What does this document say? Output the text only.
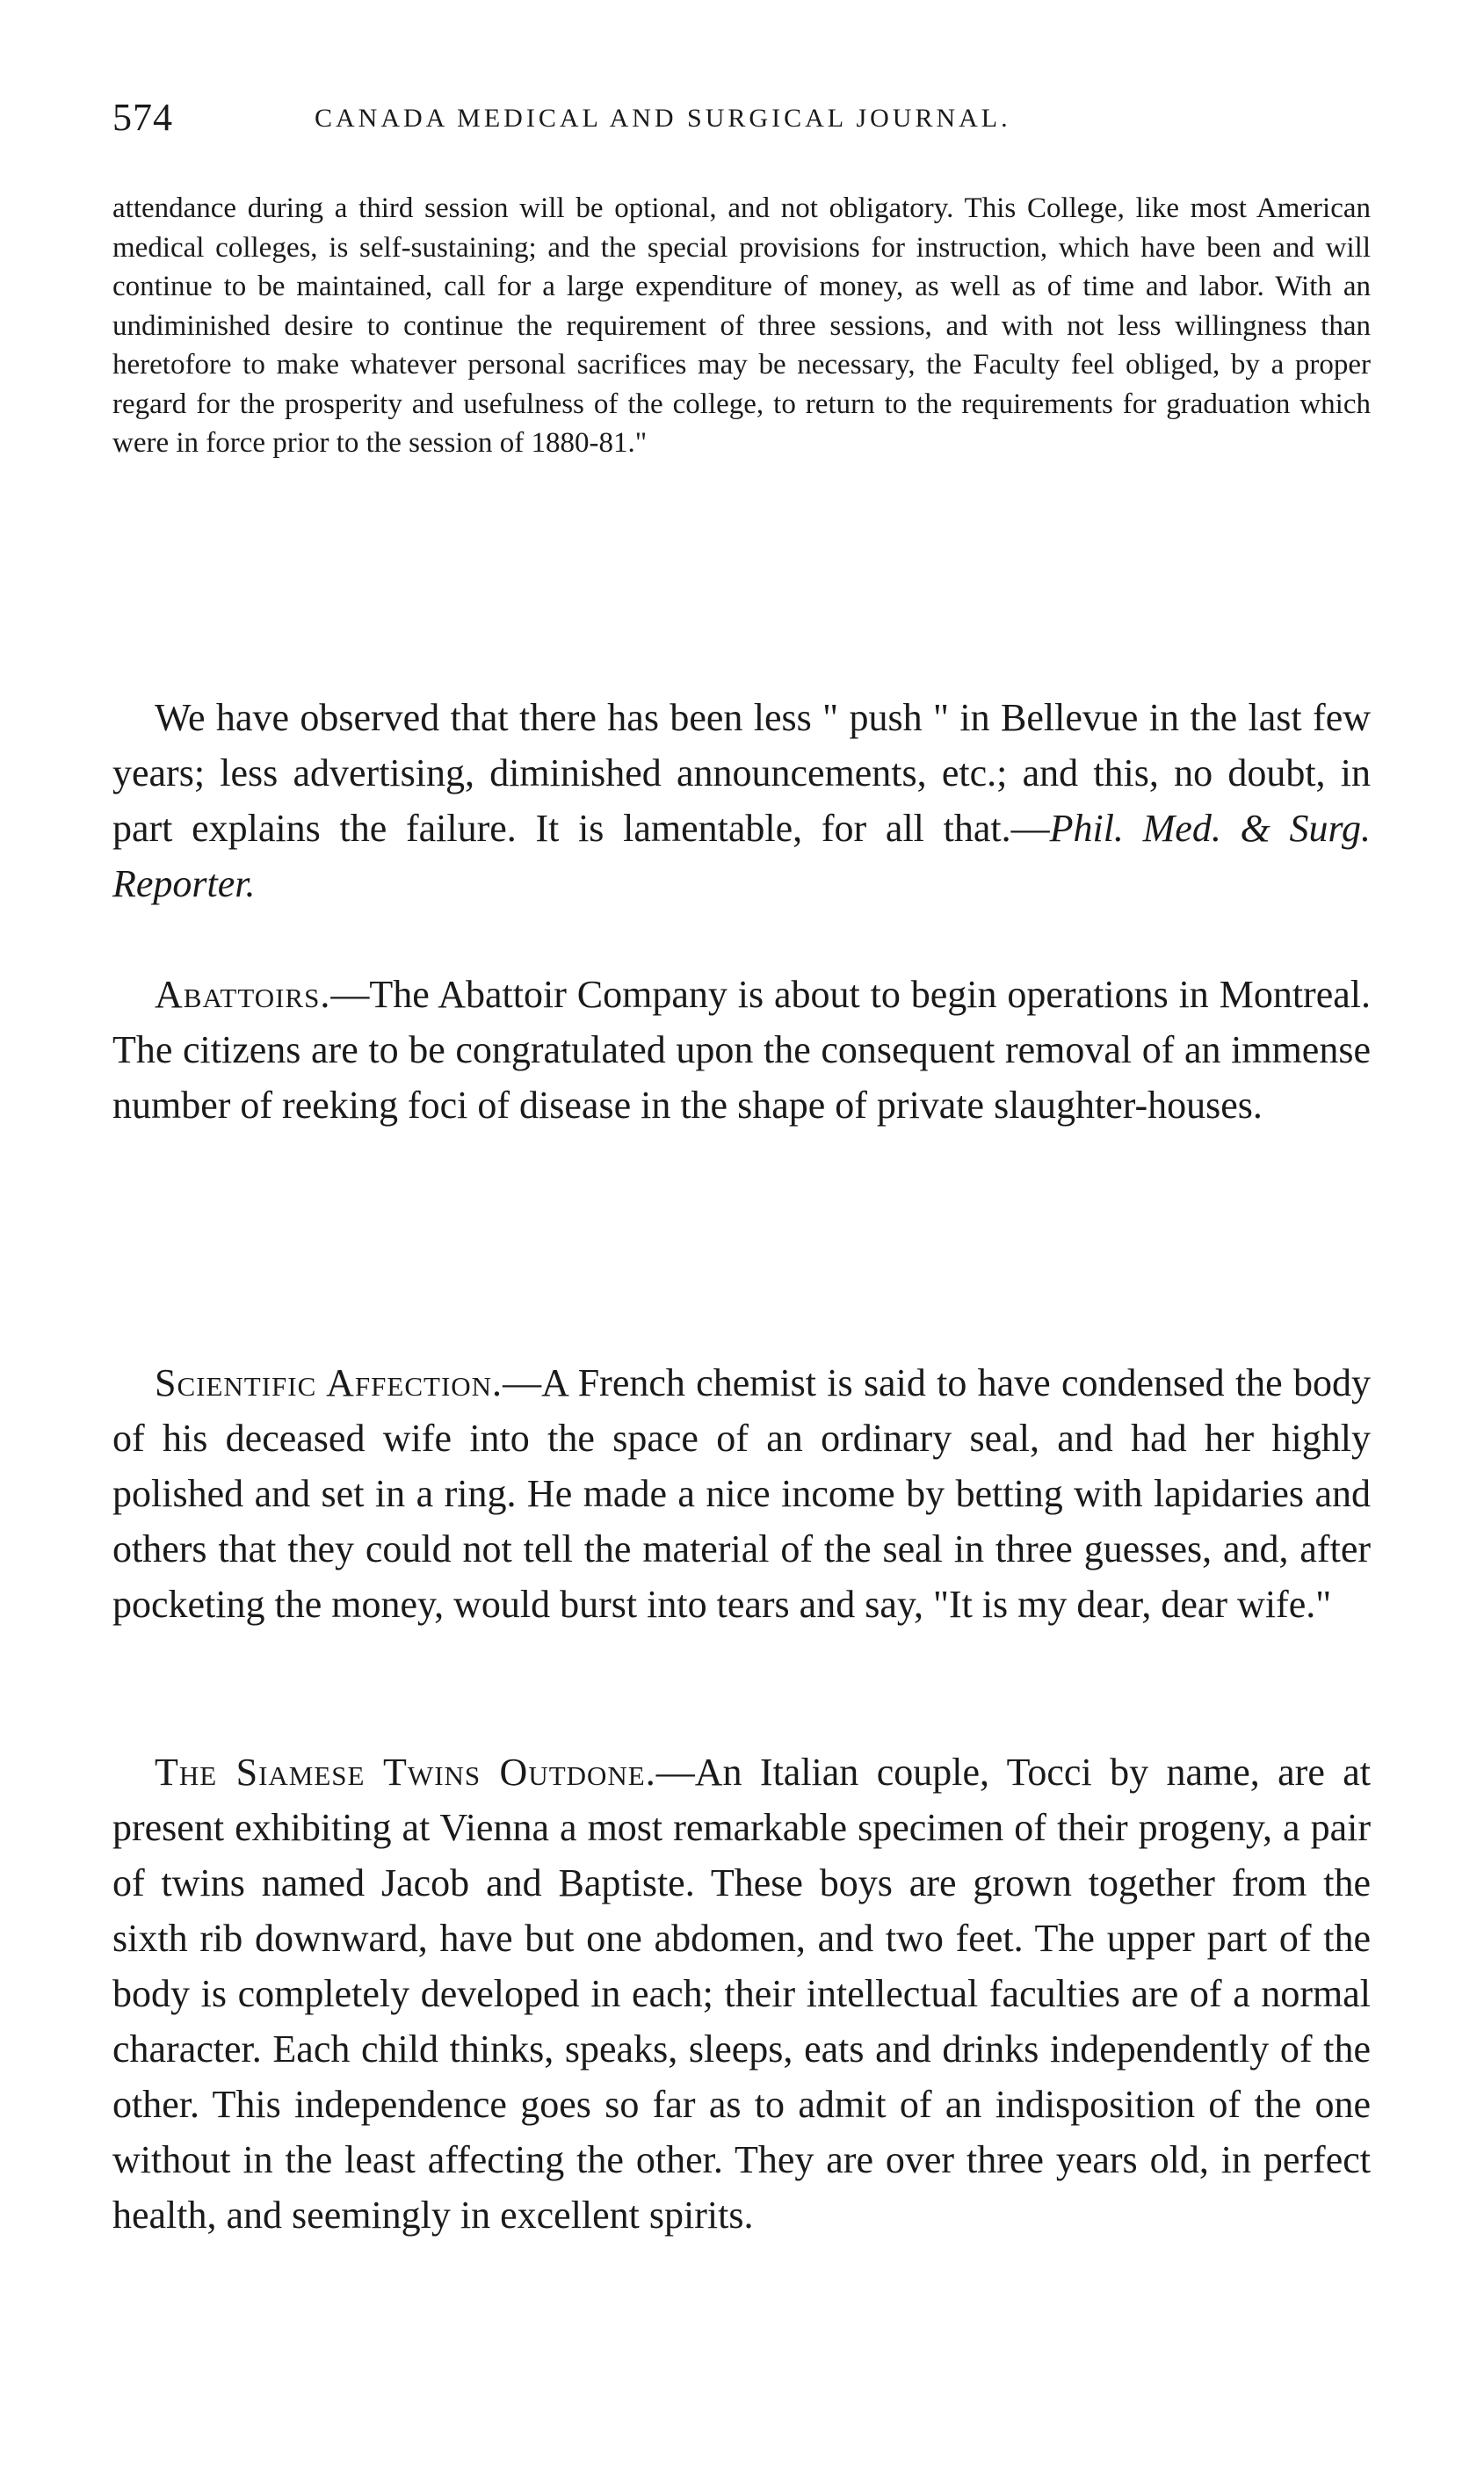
574	CANADA MEDICAL AND SURGICAL JOURNAL.
attendance during a third session will be optional, and not obligatory. This College, like most American medical colleges, is self-sustaining; and the special provisions for instruction, which have been and will continue to be maintained, call for a large expenditure of money, as well as of time and labor. With an undiminished desire to continue the requirement of three sessions, and with not less willingness than heretofore to make whatever personal sacrifices may be necessary, the Faculty feel obliged, by a proper regard for the prosperity and usefulness of the college, to return to the requirements for graduation which were in force prior to the session of 1880-81."
We have observed that there has been less " push " in Bellevue in the last few years; less advertising, diminished announcements, etc.; and this, no doubt, in part explains the failure. It is lamentable, for all that.—Phil. Med. & Surg. Reporter.
Abattoirs.—The Abattoir Company is about to begin operations in Montreal. The citizens are to be congratulated upon the consequent removal of an immense number of reeking foci of disease in the shape of private slaughter-houses.
Scientific Affection.—A French chemist is said to have condensed the body of his deceased wife into the space of an ordinary seal, and had her highly polished and set in a ring. He made a nice income by betting with lapidaries and others that they could not tell the material of the seal in three guesses, and, after pocketing the money, would burst into tears and say, "It is my dear, dear wife."
The Siamese Twins Outdone.—An Italian couple, Tocci by name, are at present exhibiting at Vienna a most remarkable specimen of their progeny, a pair of twins named Jacob and Baptiste. These boys are grown together from the sixth rib downward, have but one abdomen, and two feet. The upper part of the body is completely developed in each; their intellectual faculties are of a normal character. Each child thinks, speaks, sleeps, eats and drinks independently of the other. This independence goes so far as to admit of an indisposition of the one without in the least affecting the other. They are over three years old, in perfect health, and seemingly in excellent spirits.
